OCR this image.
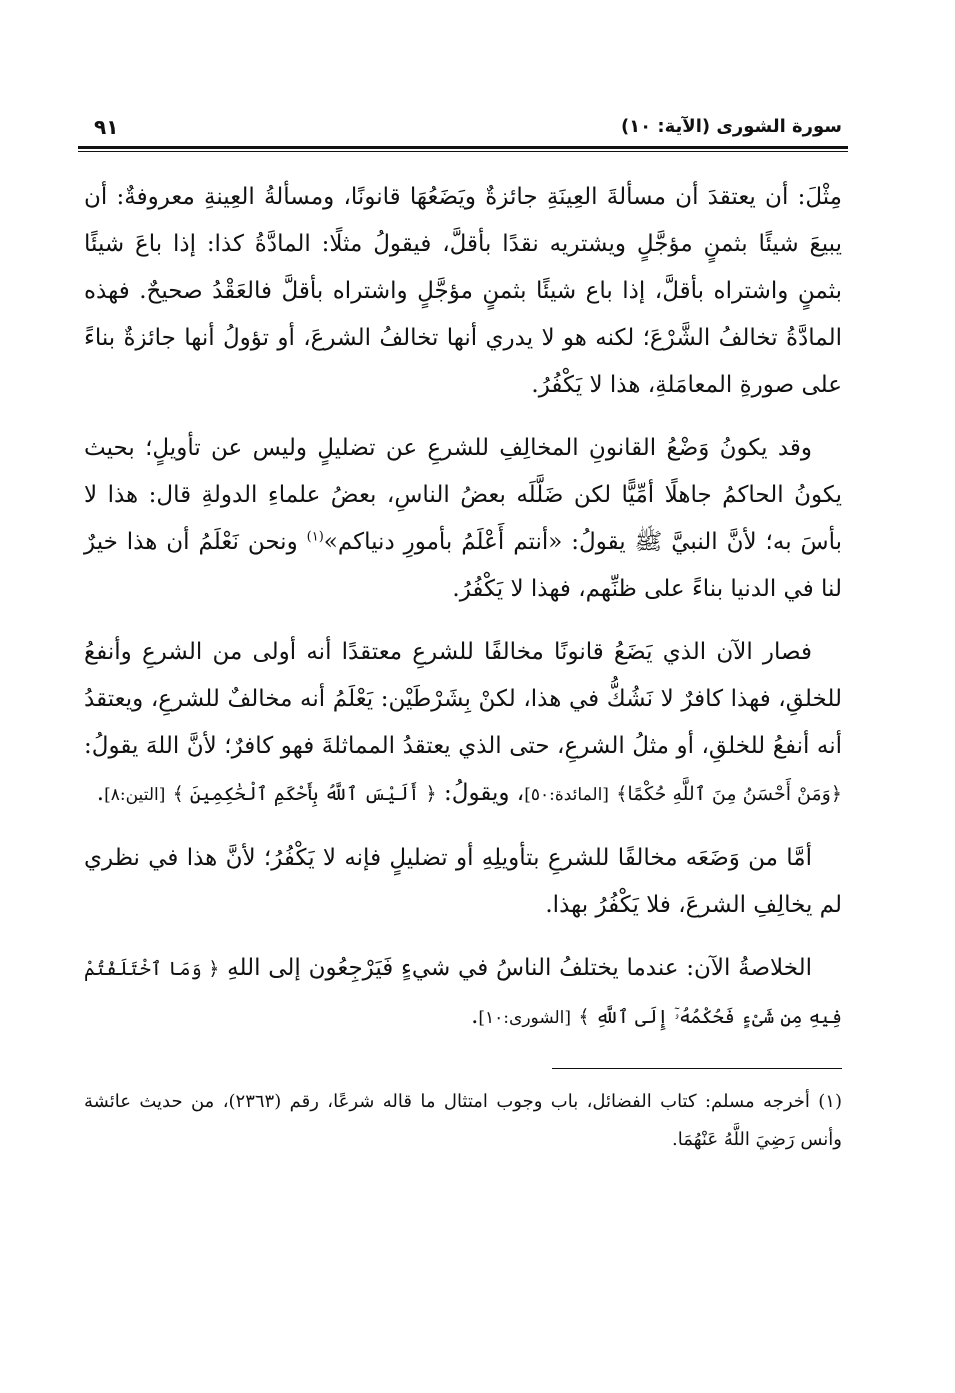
سورة الشورى (الآية: ١٠)
٩١

مِثْلَ: أن يعتقدَ أن مسألةَ العِينَةِ جائزةٌ ويَضَعُهَا قانونًا، ومسألةُ العِينةِ معروفةٌ: أن يبيعَ شيئًا بثمنٍ مؤجَّلٍ ويشتريه نقدًا بأقلَّ، فيقولُ مثلًا: المادَّةُ كذا: إذا باعَ شيئًا بثمنٍ واشتراه بأقلَّ، إذا باع شيئًا بثمنٍ مؤجَّلٍ واشتراه بأقلَّ فالعَقْدُ صحيحٌ. فهذه المادَّةُ تخالفُ الشَّرْعَ؛ لكنه هو لا يدري أنها تخالفُ الشرعَ، أو تؤولُ أنها جائزةٌ بناءً على صورةِ المعامَلةِ، هذا لا يَكْفُرُ.

وقد يكونُ وَضْعُ القانونِ المخالِفِ للشرعِ عن تضليلٍ وليس عن تأويلٍ؛ بحيث يكونُ الحاكمُ جاهلًا أمِّيًّا لكن ضَلَّلَه بعضُ الناسِ، بعضُ علماءِ الدولةِ قال: هذا لا بأسَ به؛ لأنَّ النبيَّ ﷺ يقولُ: «أنتم أَعْلَمُ بأمورِ دنياكم»$^{(١)}$ ونحن نَعْلَمُ أن هذا خيرٌ لنا في الدنيا بناءً على ظنِّهم، فهذا لا يَكْفُرُ.

فصار الآن الذي يَضَعُ قانونًا مخالفًا للشرعِ معتقدًا أنه أولى من الشرعِ وأنفعُ للخلقِ، فهذا كافرٌ لا نَشُكُّ في هذا، لكنْ بِشَرْطَيْن: يَعْلَمُ أنه مخالفٌ للشرعِ، ويعتقدُ أنه أنفعُ للخلقِ، أو مثلُ الشرعِ، حتى الذي يعتقدُ المماثلةَ فهو كافرٌ؛ لأنَّ اللهَ يقولُ: ﴿وَمَنْ أَحْسَنُ مِنَ ٱللَّهِ حُكْمًا﴾ [المائدة:٥٠]، ويقولُ: ﴿ أَلَيْسَ ٱللَّهُ بِأَحْكَمِ ٱلْحَٰكِمِينَ ﴾ [التين:٨].

أمَّا من وَضَعَه مخالفًا للشرعِ بتأويلِهِ أو تضليلٍ فإنه لا يَكْفُرُ؛ لأنَّ هذا في نظري لم يخالِفِ الشرعَ، فلا يَكْفُرُ بهذا.

الخلاصةُ الآن: عندما يختلفُ الناسُ في شيءٍ فَيَرْجِعُون إلى اللهِ ﴿ وَمَا ٱخْتَلَفْتُمْ فِيهِ مِن شَىْءٍ فَحُكْمُهُۥٓ إِلَى ٱللَّهِ ﴾ [الشورى:١٠].

(١) أخرجه مسلم: كتاب الفضائل، باب وجوب امتثال ما قاله شرعًا، رقم (٢٣٦٣)، من حديث عائشة وأنس رَضِيَ اللَّهُ عَنْهُمَا.
